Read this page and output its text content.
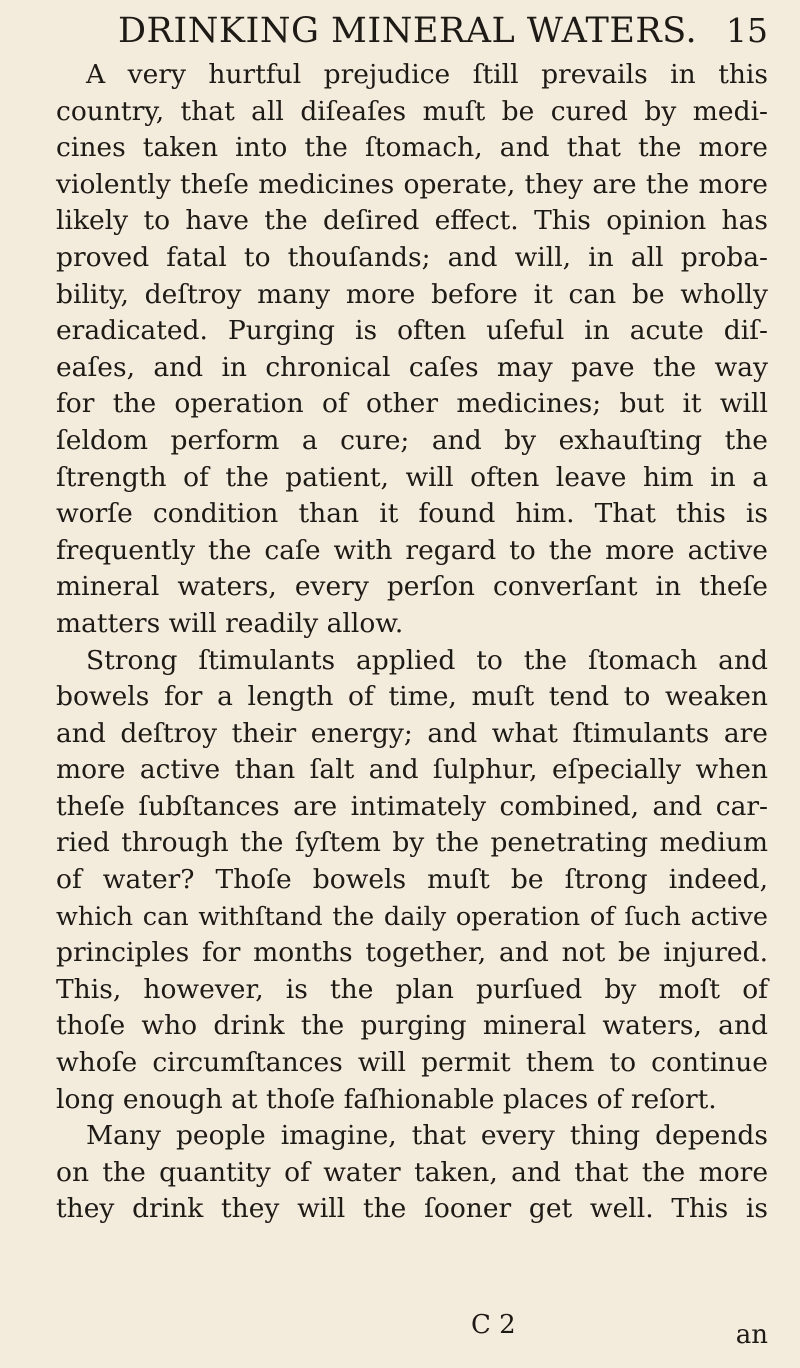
DRINKING MINERAL WATERS. 15
A very hurtful prejudice ſtill prevails in this
country, that all diſeaſes muſt be cured by medi-
cines taken into the ſtomach, and that the more
violently theſe medicines operate, they are the more
likely to have the deſired effect. This opinion has
proved fatal to thouſands; and will, in all proba-
bility, deſtroy many more before it can be wholly
eradicated. Purging is often uſeful in acute diſ-
eaſes, and in chronical caſes may pave the way
for the operation of other medicines; but it will
ſeldom perform a cure; and by exhauſting the
ſtrength of the patient, will often leave him in a
worſe condition than it found him. That this is
frequently the caſe with regard to the more active
mineral waters, every perſon converſant in theſe
matters will readily allow.
Strong ſtimulants applied to the ſtomach and
bowels for a length of time, muſt tend to weaken
and deſtroy their energy; and what ſtimulants are
more active than ſalt and ſulphur, eſpecially when
theſe ſubſtances are intimately combined, and car-
ried through the ſyſtem by the penetrating medium
of water? Thoſe bowels muſt be ſtrong indeed,
which can withſtand the daily operation of ſuch active
principles for months together, and not be injured.
This, however, is the plan purſued by moſt of
thoſe who drink the purging mineral waters, and
whoſe circumſtances will permit them to continue
long enough at thoſe faſhionable places of reſort.
Many people imagine, that every thing depends
on the quantity of water taken, and that the more
they drink they will the ſooner get well. This is
C 2	an
